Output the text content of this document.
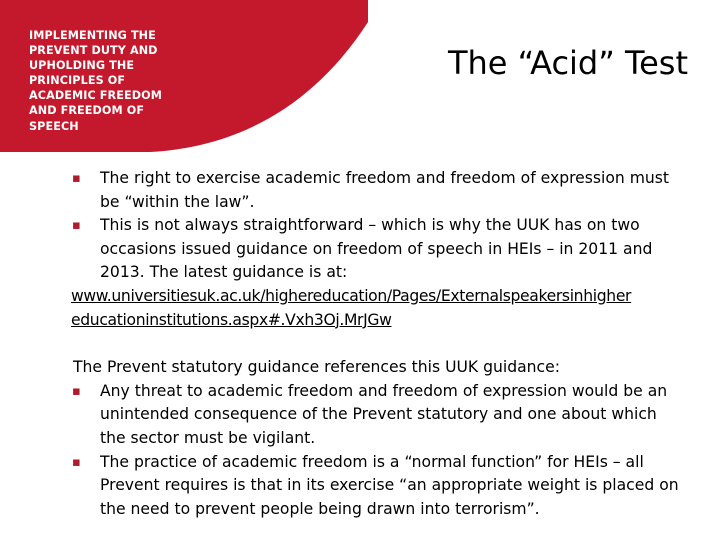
IMPLEMENTING THE
PREVENT DUTY AND
UPHOLDING THE
PRINCIPLES OF
ACADEMIC FREEDOM
AND FREEDOM OF
SPEECH
The “Acid” Test
▪ The right to exercise academic freedom and freedom of expression must be “within the law”.
▪ This is not always straightforward – which is why the UUK has on two occasions issued guidance on freedom of speech in HEIs – in 2011 and 2013. The latest guidance is at:
www.universitiesuk.ac.uk/highereducation/Pages/Externalspeakersinhigher
educationinstitutions.aspx#.Vxh3Oj.MrJGw
The Prevent statutory guidance references this UUK guidance:
▪ Any threat to academic freedom and freedom of expression would be an unintended consequence of the Prevent statutory and one about which the sector must be vigilant.
▪ The practice of academic freedom is a “normal function” for HEIs – all Prevent requires is that in its exercise “an appropriate weight is placed on the need to prevent people being drawn into terrorism”.
